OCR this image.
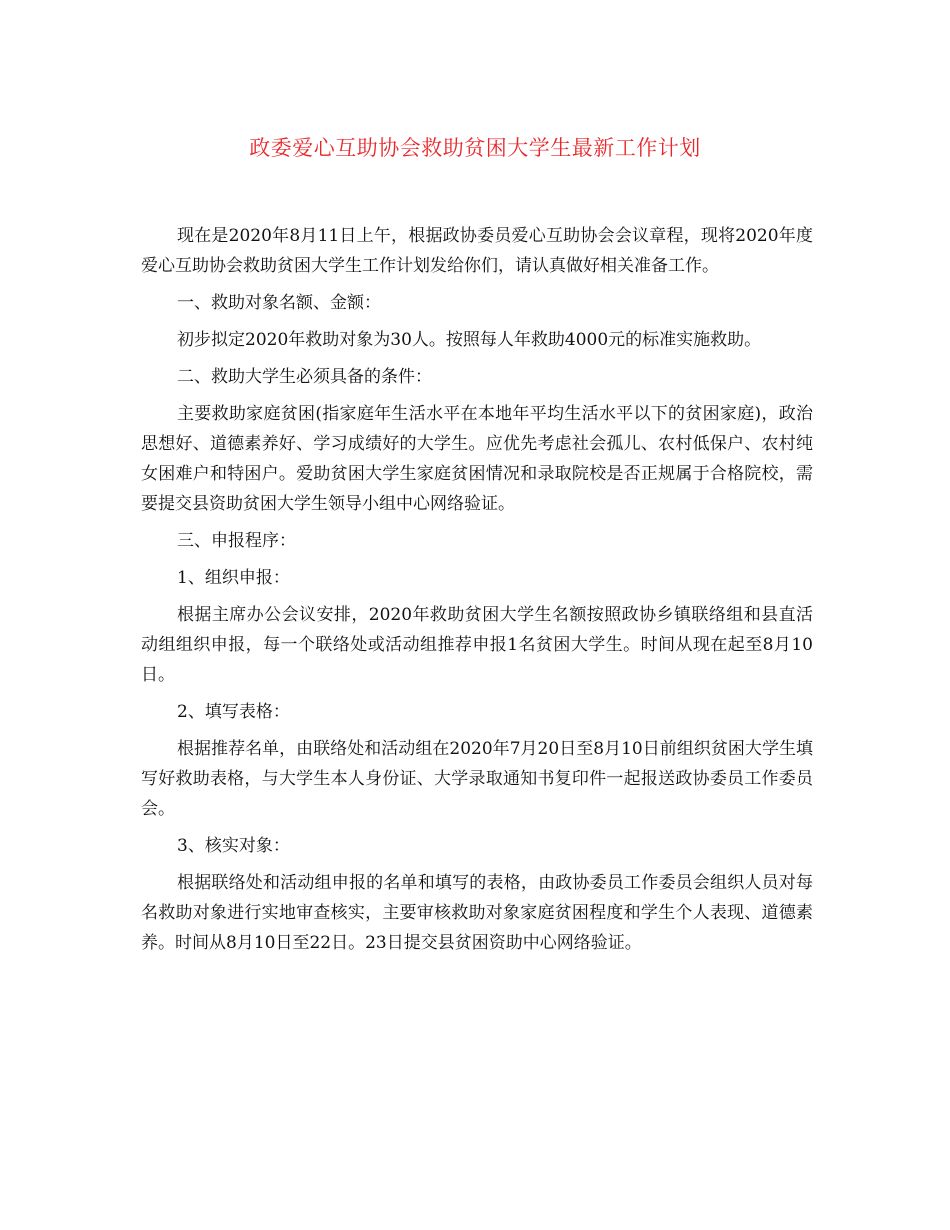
政委爱心互助协会救助贫困大学生最新工作计划

现在是2020年8月11日上午，根据政协委员爱心互助协会会议章程，现将2020年度爱心互助协会救助贫困大学生工作计划发给你们，请认真做好相关准备工作。

一、救助对象名额、金额：

初步拟定2020年救助对象为30人。按照每人年救助4000元的标准实施救助。

二、救助大学生必须具备的条件：

主要救助家庭贫困(指家庭年生活水平在本地年平均生活水平以下的贫困家庭)，政治思想好、道德素养好、学习成绩好的大学生。应优先考虑社会孤儿、农村低保户、农村纯女困难户和特困户。爱助贫困大学生家庭贫困情况和录取院校是否正规属于合格院校，需要提交县资助贫困大学生领导小组中心网络验证。

三、申报程序：

1、组织申报：

根据主席办公会议安排，2020年救助贫困大学生名额按照政协乡镇联络组和县直活动组组织申报，每一个联络处或活动组推荐申报1名贫困大学生。时间从现在起至8月10日。

2、填写表格：

根据推荐名单，由联络处和活动组在2020年7月20日至8月10日前组织贫困大学生填写好救助表格，与大学生本人身份证、大学录取通知书复印件一起报送政协委员工作委员会。

3、核实对象：

根据联络处和活动组申报的名单和填写的表格，由政协委员工作委员会组织人员对每名救助对象进行实地审查核实，主要审核救助对象家庭贫困程度和学生个人表现、道德素养。时间从8月10日至22日。23日提交县贫困资助中心网络验证。
